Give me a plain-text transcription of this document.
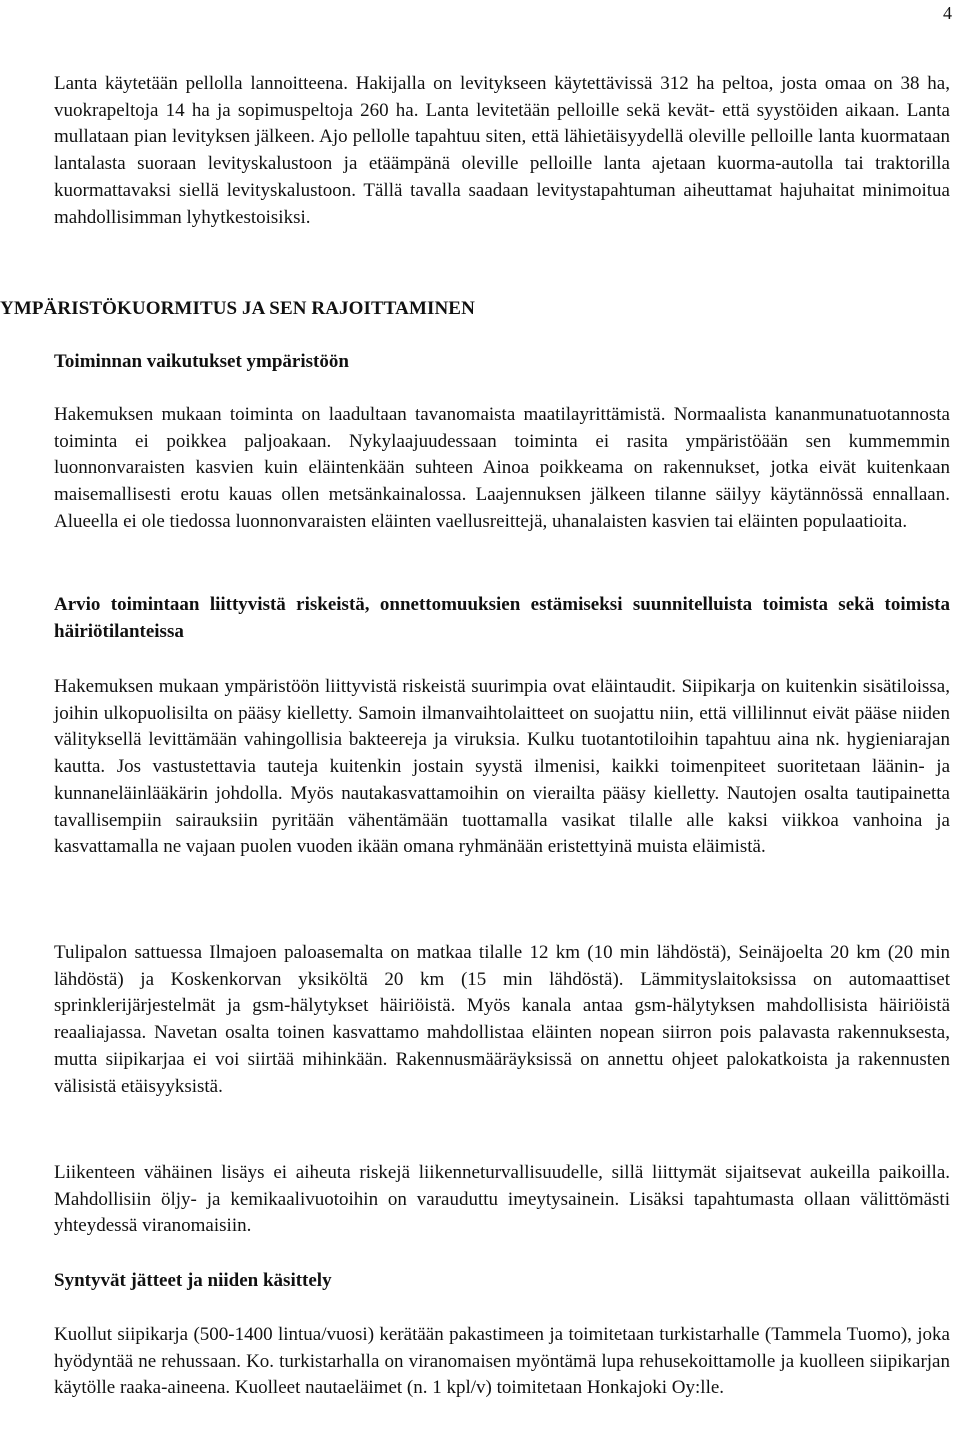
4

Lanta käytetään pellolla lannoitteena. Hakijalla on levitykseen käytettävissä 312 ha peltoa, josta omaa on 38 ha, vuokrapeltoja 14 ha ja sopimuspeltoja 260 ha. Lanta levitetään pelloille sekä kevät- että syystöiden aikaan. Lanta mullataan pian levityksen jälkeen. Ajo pellolle tapahtuu siten, että lähietäisyydellä oleville pelloille lanta kuormataan lantalasta suoraan levityskalustoon ja etäämpänä oleville pelloille lanta ajetaan kuorma-autolla tai traktorilla kuormattavaksi siellä levityskalustoon. Tällä tavalla saadaan levitystapahtuman aiheuttamat hajuhaitat minimoitua mahdollisimman lyhytkestoisiksi.

YMPÄRISTÖKUORMITUS JA SEN RAJOITTAMINEN
Toiminnan vaikutukset ympäristöön

Hakemuksen mukaan toiminta on laadultaan tavanomaista maatilayrittämistä. Normaalista kananmunatuotannosta toiminta ei poikkea paljoakaan. Nykylaajuudessaan toiminta ei rasita ympäristöään sen kummemmin luonnonvaraisten kasvien kuin eläintenkään suhteen Ainoa poikkeama on rakennukset, jotka eivät kuitenkaan maisemallisesti erotu kauas ollen metsänkainalossa. Laajennuksen jälkeen tilanne säilyy käytännössä ennallaan. Alueella ei ole tiedossa luonnonvaraisten eläinten vaellusreittejä, uhanalaisten kasvien tai eläinten populaatioita.

Arvio toimintaan liittyvistä riskeistä, onnettomuuksien estämiseksi suunnitelluista toimista sekä toimista häiriötilanteissa

Hakemuksen mukaan ympäristöön liittyvistä riskeistä suurimpia ovat eläintaudit. Siipikarja on kuitenkin sisätiloissa, joihin ulkopuolisilta on pääsy kielletty. Samoin ilmanvaihtolaitteet on suojattu niin, että villilinnut eivät pääse niiden välityksellä levittämään vahingollisia bakteereja ja viruksia. Kulku tuotantotiloihin tapahtuu aina nk. hygieniarajan kautta. Jos vastustettavia tauteja kuitenkin jostain syystä ilmenisi, kaikki toimenpiteet suoritetaan läänin- ja kunnaneläinlääkärin johdolla. Myös nautakasvattamoihin on vierailta pääsy kielletty. Nautojen osalta tautipainetta tavallisempiin sairauksiin pyritään vähentämään tuottamalla vasikat tilalle alle kaksi viikkoa vanhoina ja kasvattamalla ne vajaan puolen vuoden ikään omana ryhmänään eristettyinä muista eläimistä.

Tulipalon sattuessa Ilmajoen paloasemalta on matkaa tilalle 12 km (10 min lähdöstä), Seinäjoelta 20 km (20 min lähdöstä) ja Koskenkorvan yksiköltä 20 km (15 min lähdöstä). Lämmityslaitoksissa on automaattiset sprinklerijärjestelmät ja gsm-hälytykset häiriöistä. Myös kanala antaa gsm-hälytyksen mahdollisista häiriöistä reaaliajassa. Navetan osalta toinen kasvattamo mahdollistaa eläinten nopean siirron pois palavasta rakennuksesta, mutta siipikarjaa ei voi siirtää mihinkään. Rakennusmääräyksissä on annettu ohjeet palokatkoista ja rakennusten välisistä etäisyyksistä.

Liikenteen vähäinen lisäys ei aiheuta riskejä liikenneturvallisuudelle, sillä liittymät sijaitsevat aukeilla paikoilla. Mahdollisiin öljy- ja kemikaalivuotoihin on varauduttu imeytysainein. Lisäksi tapahtumasta ollaan välittömästi yhteydessä viranomaisiin.

Syntyvät jätteet ja niiden käsittely

Kuollut siipikarja (500-1400 lintua/vuosi) kerätään pakastimeen ja toimitetaan turkistarhalle (Tammela Tuomo), joka hyödyntää ne rehussaan. Ko. turkistarhalla on viranomaisen myöntämä lupa rehusekoittamolle ja kuolleen siipikarjan käytölle raaka-aineena. Kuolleet nautaeläimet (n. 1 kpl/v) toimitetaan Honkajoki Oy:lle.
